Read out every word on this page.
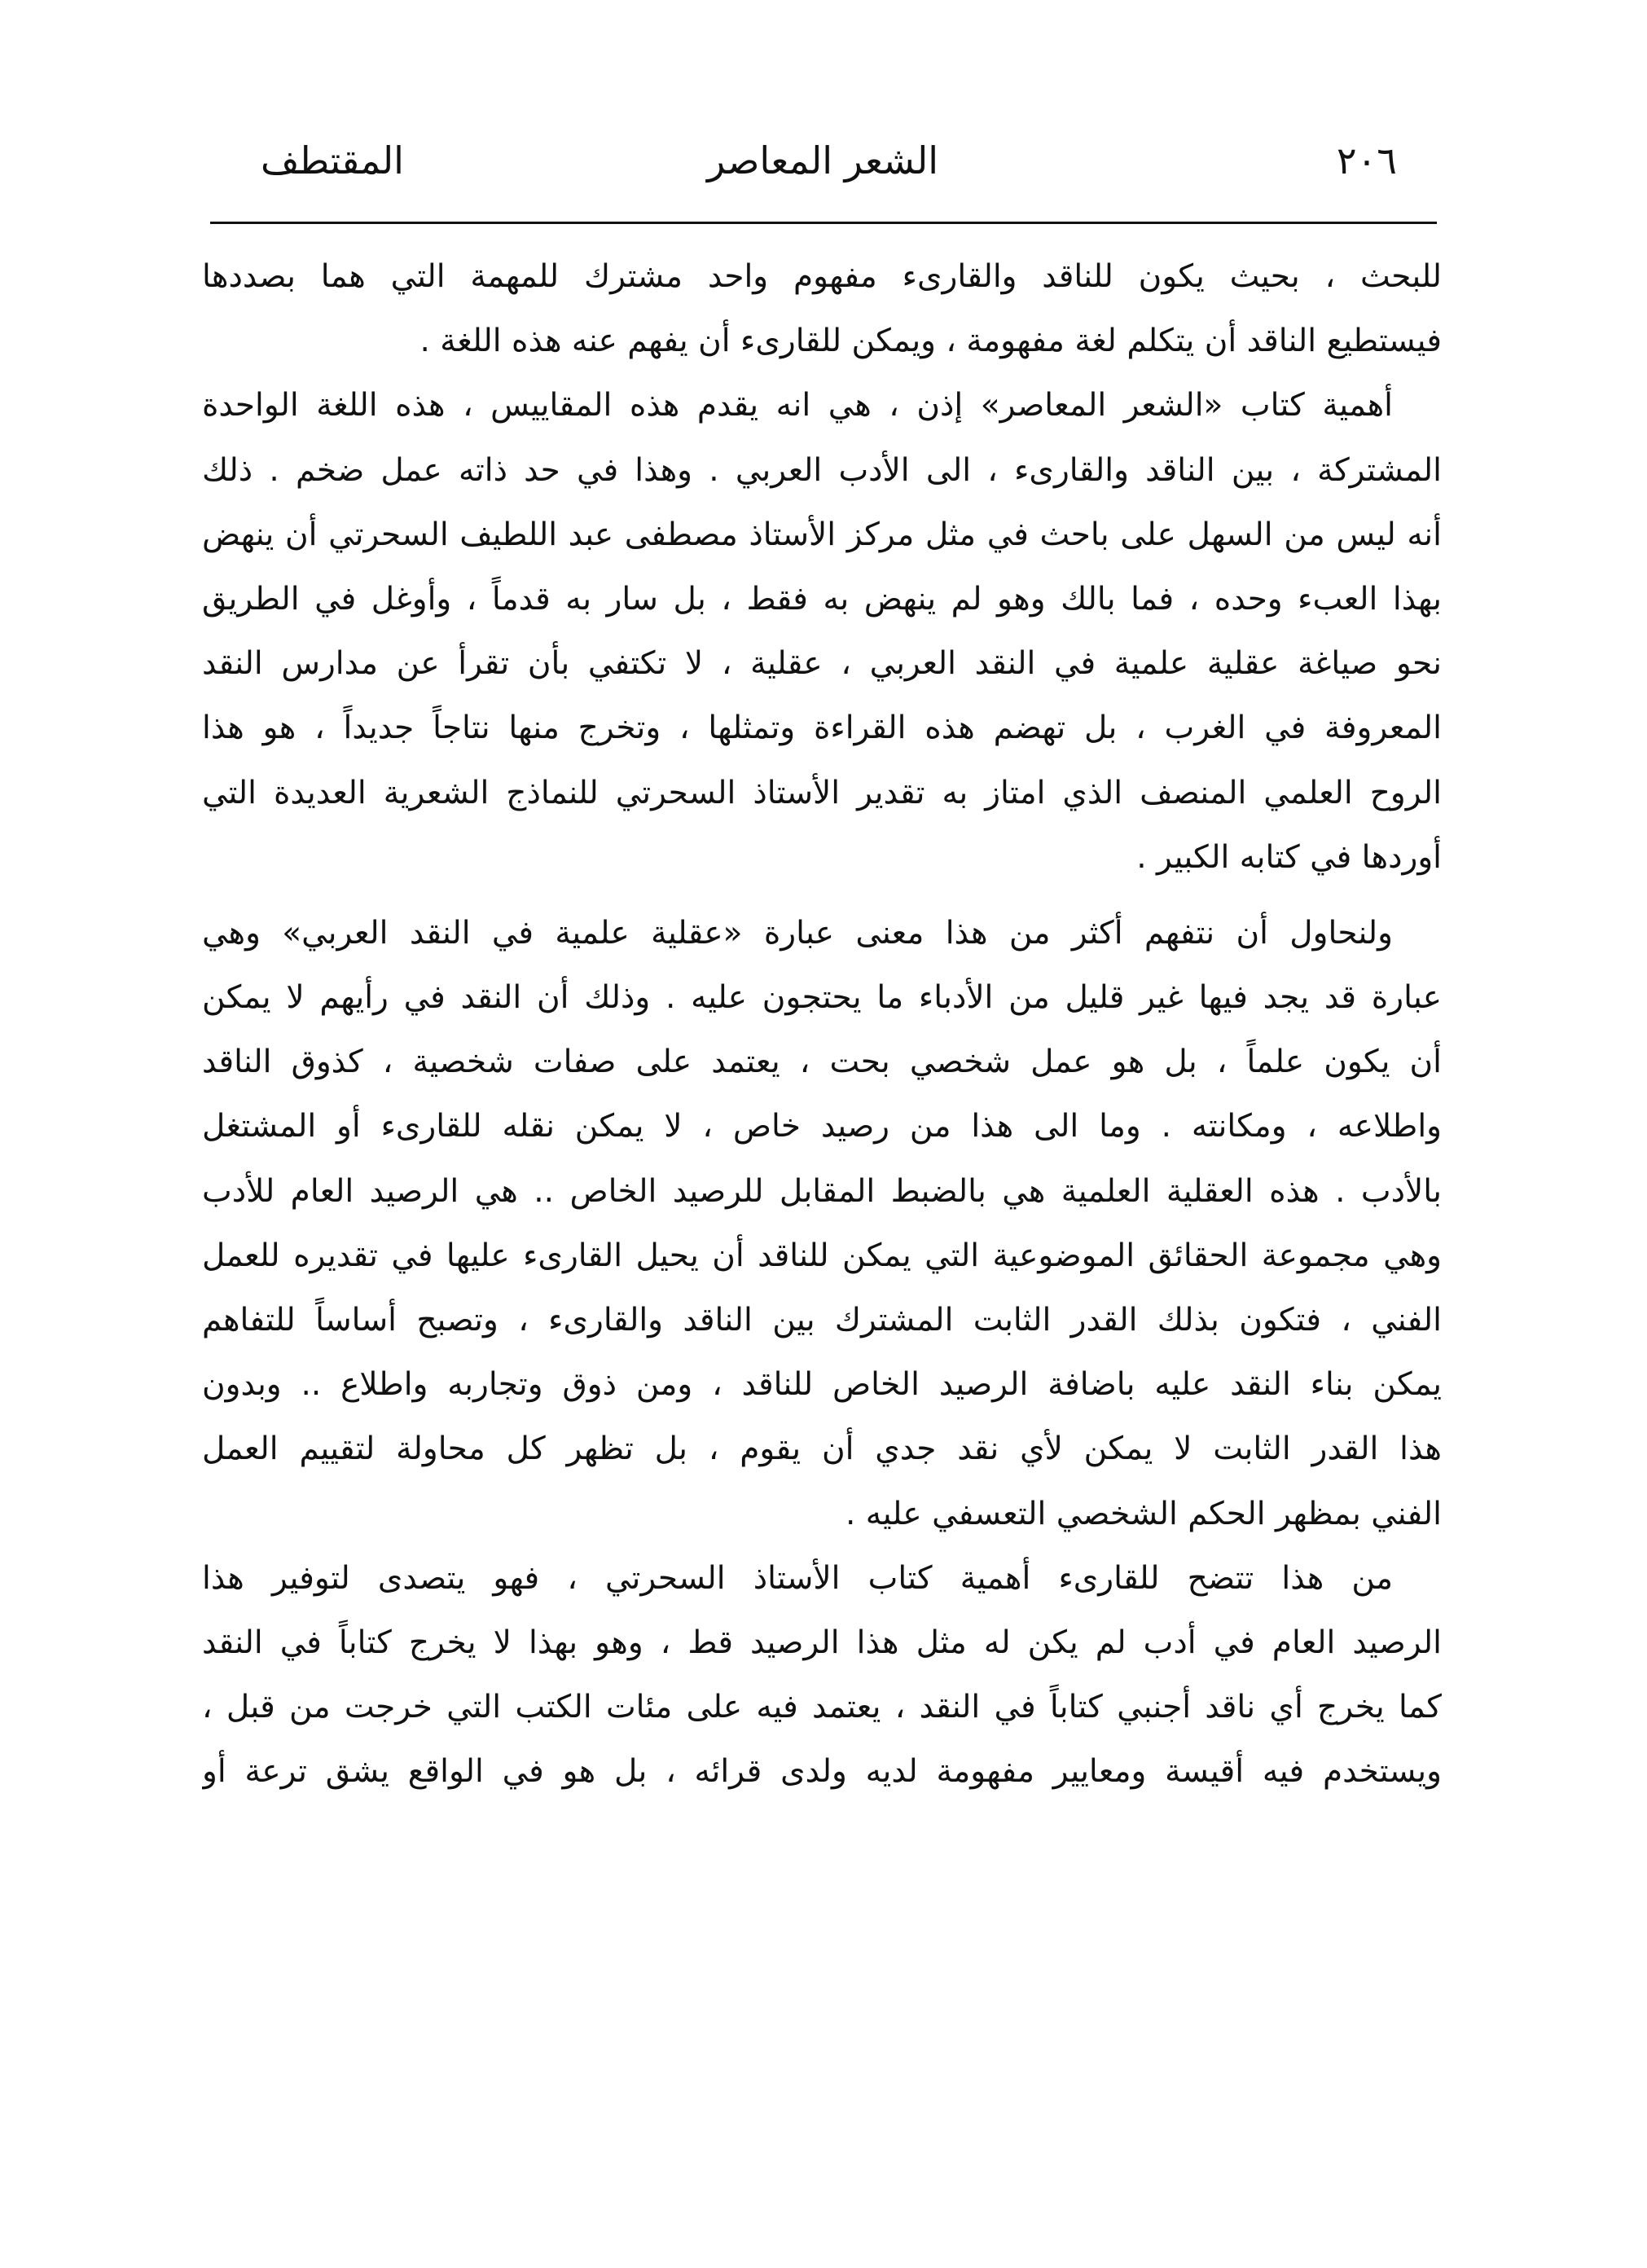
٢٠٦
الشعر المعاصر
المقتطف
للبحث ، بحيث يكون للناقد والقارىء مفهوم واحد مشترك للمهمة التي هما بصددها
فيستطيع الناقد أن يتكلم لغة مفهومة ، ويمكن للقارىء أن يفهم عنه هذه اللغة .
أهمية كتاب «الشعر المعاصر» إذن ، هي انه يقدم هذه المقاييس ، هذه اللغة الواحدة
المشتركة ، بين الناقد والقارىء ، الى الأدب العربي . وهذا في حد ذاته عمل ضخم . ذلك
أنه ليس من السهل على باحث في مثل مركز الأستاذ مصطفى عبد اللطيف السحرتي أن ينهض
بهذا العبء وحده ، فما بالك وهو لم ينهض به فقط ، بل سار به قدماً ، وأوغل في الطريق
نحو صياغة عقلية علمية في النقد العربي ، عقلية ، لا تكتفي بأن تقرأ عن مدارس النقد
المعروفة في الغرب ، بل تهضم هذه القراءة وتمثلها ، وتخرج منها نتاجاً جديداً ، هو هذا
الروح العلمي المنصف الذي امتاز به تقدير الأستاذ السحرتي للنماذج الشعرية العديدة التي
أوردها في كتابه الكبير .
ولنحاول أن نتفهم أكثر من هذا معنى عبارة «عقلية علمية في النقد العربي» وهي
عبارة قد يجد فيها غير قليل من الأدباء ما يحتجون عليه . وذلك أن النقد في رأيهم لا يمكن
أن يكون علماً ، بل هو عمل شخصي بحت ، يعتمد على صفات شخصية ، كذوق الناقد
واطلاعه ، ومكانته . وما الى هذا من رصيد خاص ، لا يمكن نقله للقارىء أو المشتغل
بالأدب . هذه العقلية العلمية هي بالضبط المقابل للرصيد الخاص .. هي الرصيد العام للأدب
وهي مجموعة الحقائق الموضوعية التي يمكن للناقد أن يحيل القارىء عليها في تقديره للعمل
الفني ، فتكون بذلك القدر الثابت المشترك بين الناقد والقارىء ، وتصبح أساساً للتفاهم
يمكن بناء النقد عليه باضافة الرصيد الخاص للناقد ، ومن ذوق وتجاربه واطلاع .. وبدون
هذا القدر الثابت لا يمكن لأي نقد جدي أن يقوم ، بل تظهر كل محاولة لتقييم العمل
الفني بمظهر الحكم الشخصي التعسفي عليه .
من هذا تتضح للقارىء أهمية كتاب الأستاذ السحرتي ، فهو يتصدى لتوفير هذا
الرصيد العام في أدب لم يكن له مثل هذا الرصيد قط ، وهو بهذا لا يخرج كتاباً في النقد
كما يخرج أي ناقد أجنبي كتاباً في النقد ، يعتمد فيه على مئات الكتب التي خرجت من قبل ،
ويستخدم فيه أقيسة ومعايير مفهومة لديه ولدى قرائه ، بل هو في الواقع يشق ترعة أو
